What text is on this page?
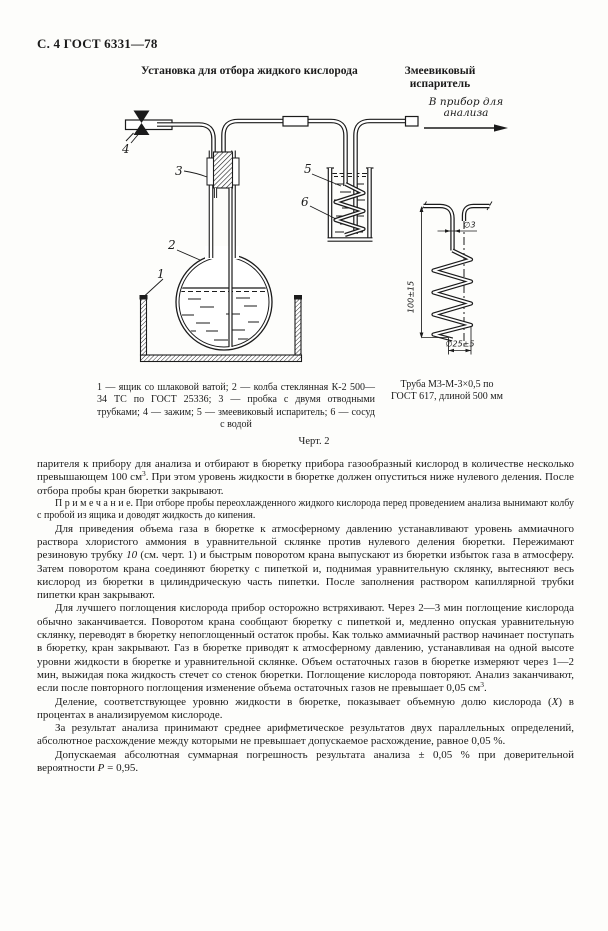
С. 4 ГОСТ 6331—78
Установка для отбора жидкого кислорода	Змеевиковый
испаритель
В прибор для
анализа
100±15
∅3
∅25±5
4
3
2
1
5
6
1 — ящик со шлаковой ватой; 2 — колба стеклянная К-2 500—34 ТС по ГОСТ 25336; 3 — пробка с двумя отводными трубками; 4 — зажим; 5 — змеевиковый испаритель; 6 — сосуд с водой
Труба М3-М-3×0,5 по ГОСТ 617, длиной 500 мм
Черт. 2

парителя к прибору для анализа и отбирают в бюретку прибора газообразный кислород в количестве несколько превышающем 100 $см^3$. При этом уровень жидкости в бюретке должен опуститься ниже нулевого деления. После отбора пробы кран бюретки закрывают.

П р и м е ч а н и е. При отборе пробы переохлажденного жидкого кислорода перед проведением анализа вынимают колбу с пробой из ящика и доводят жидкость до кипения.

Для приведения объема газа в бюретке к атмосферному давлению устанавливают уровень аммиачного раствора хлористого аммония в уравнительной склянке против нулевого деления бюретки. Пережимают резиновую трубку 10 (см. черт. 1) и быстрым поворотом крана выпускают из бюретки избыток газа в атмосферу. Затем поворотом крана соединяют бюретку с пипеткой и, поднимая уравнительную склянку, вытесняют весь кислород из бюретки в цилиндрическую часть пипетки. После заполнения раствором капиллярной трубки пипетки кран закрывают.

Для лучшего поглощения кислорода прибор осторожно встряхивают. Через 2—3 мин поглощение кислорода обычно заканчивается. Поворотом крана сообщают бюретку с пипеткой и, медленно опуская уравнительную склянку, переводят в бюретку непоглощенный остаток пробы. Как только аммиачный раствор начинает поступать в бюретку, кран закрывают. Газ в бюретке приводят к атмосферному давлению, устанавливая на одной высоте уровни жидкости в бюретке и уравнительной склянке. Объем остаточных газов в бюретке измеряют через 1—2 мин, выжидая пока жидкость стечет со стенок бюретки. Поглощение кислорода повторяют. Анализ заканчивают, если после повторного поглощения изменение объема остаточных газов не превышает 0,05 $см^3$.

Деление, соответствующее уровню жидкости в бюретке, показывает объемную долю кислорода (Х) в процентах в анализируемом кислороде.

За результат анализа принимают среднее арифметическое результатов двух параллельных определений, абсолютное расхождение между которыми не превышает допускаемое расхождение, равное 0,05 %.

Допускаемая абсолютная суммарная погрешность результата анализа ± 0,05 % при доверительной вероятности Р = 0,95.
